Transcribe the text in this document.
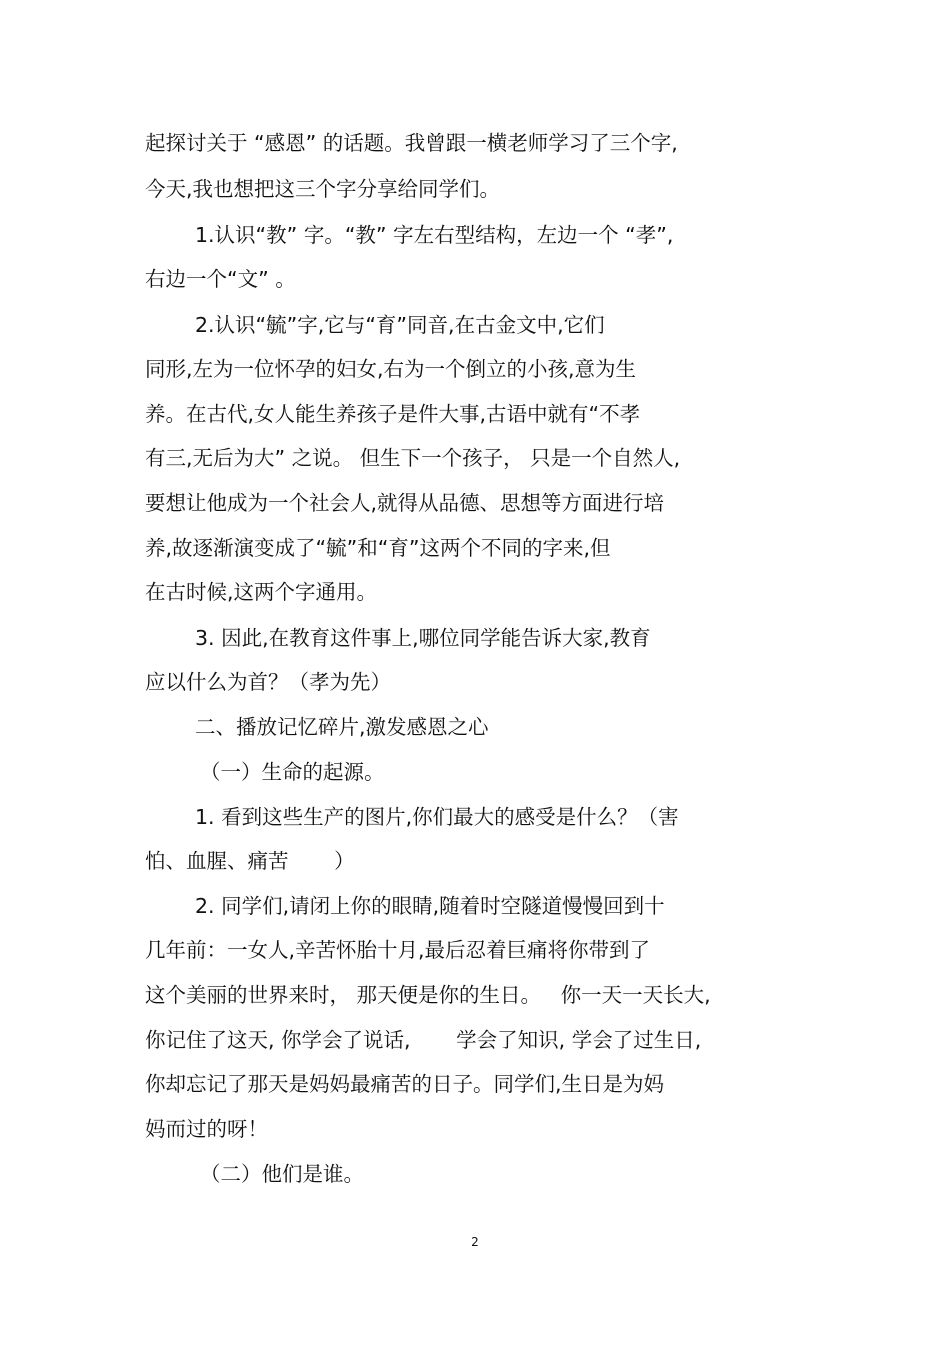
起探讨关于 “感恩” 的话题。我曾跟一横老师学习了三个字,
今天,我也想把这三个字分享给同学们。
1.认识“教” 字。“教” 字左右型结构，左边一个 “孝”,
右边一个“文” 。
2.认识“毓”字,它与“育”同音,在古金文中,它们
同形,左为一位怀孕的妇女,右为一个倒立的小孩,意为生
养。在古代,女人能生养孩子是件大事,古语中就有“不孝
有三,无后为大” 之说。 但生下一个孩子， 只是一个自然人,
要想让他成为一个社会人,就得从品德、思想等方面进行培
养,故逐渐演变成了“毓”和“育”这两个不同的字来,但
在古时候,这两个字通用。
3. 因此,在教育这件事上,哪位同学能告诉大家,教育
应以什么为首？（孝为先）
二、播放记忆碎片,激发感恩之心
（一）生命的起源。
1. 看到这些生产的图片,你们最大的感受是什么？（害
怕、血腥、痛苦       ）
2. 同学们,请闭上你的眼睛,随着时空隧道慢慢回到十
几年前：一女人,辛苦怀胎十月,最后忍着巨痛将你带到了
这个美丽的世界来时， 那天便是你的生日。   你一天一天长大,
你记住了这天, 你学会了说话,       学会了知识, 学会了过生日,
你却忘记了那天是妈妈最痛苦的日子。同学们,生日是为妈
妈而过的呀！
（二）他们是谁。
2
